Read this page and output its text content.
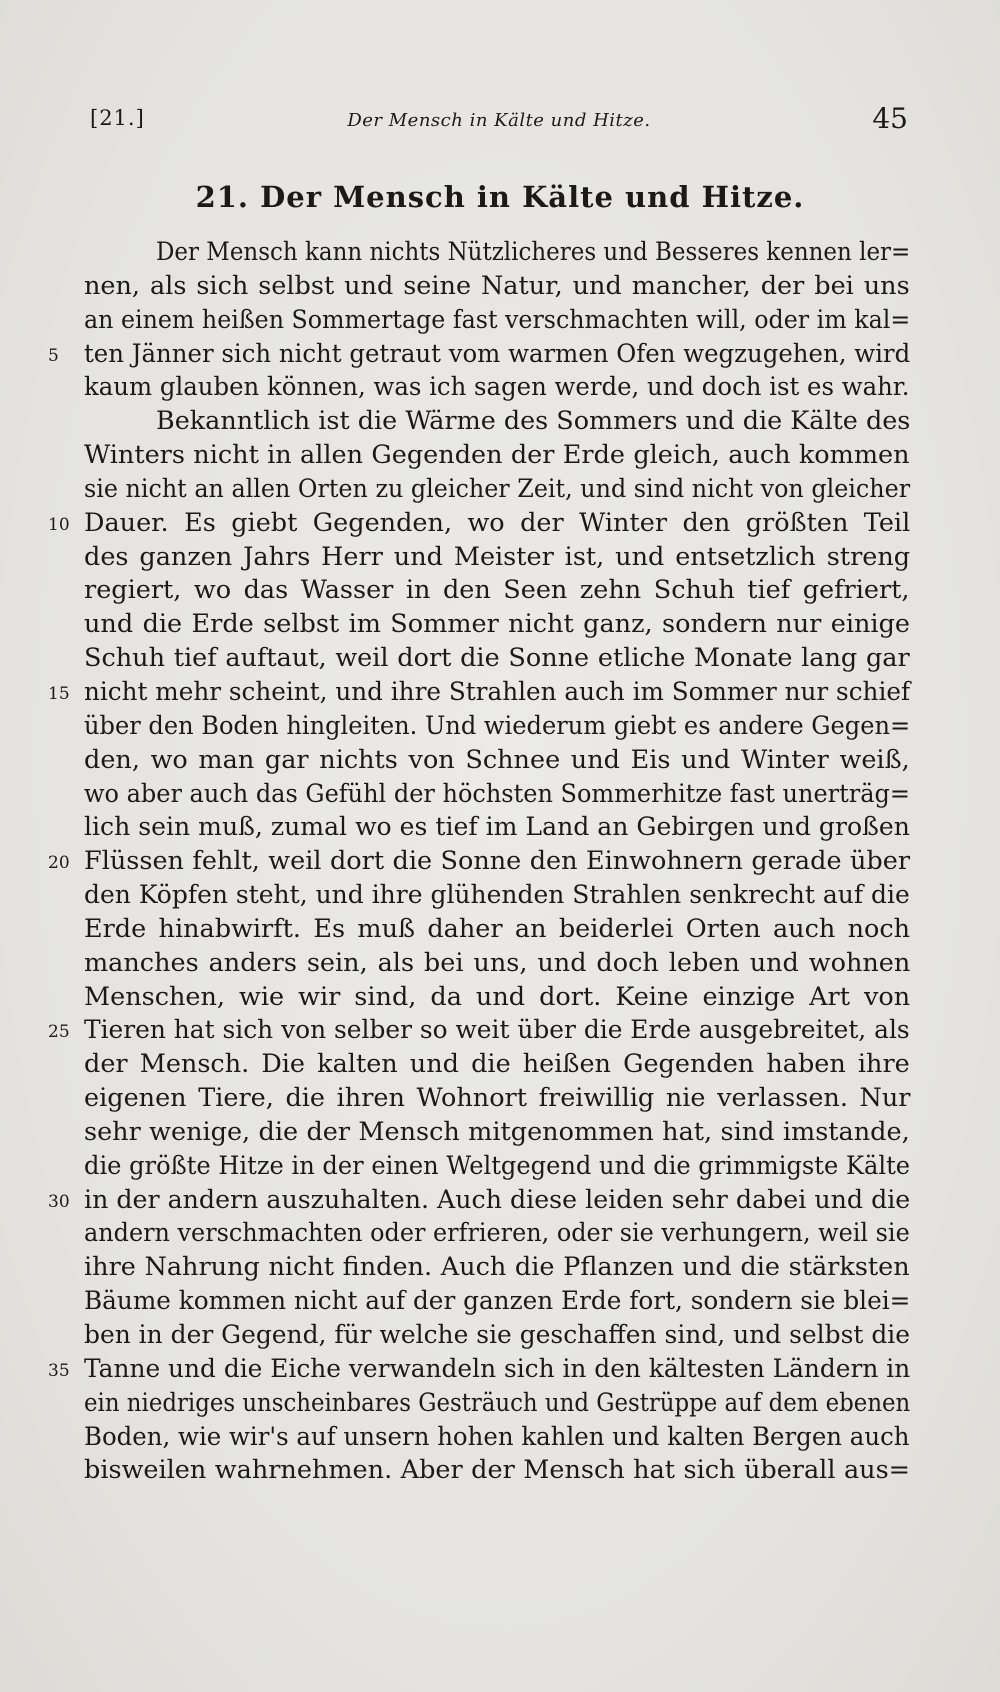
[21.]	Der Mensch in Kälte und Hitze.	45
21. Der Mensch in Kälte und Hitze.
Der Mensch kann nichts Nützlicheres und Besseres kennen ler=
nen, als sich selbst und seine Natur, und mancher, der bei uns
an einem heißen Sommertage fast verschmachten will, oder im kal=
5 ten Jänner sich nicht getraut vom warmen Ofen wegzugehen, wird
kaum glauben können, was ich sagen werde, und doch ist es wahr.
Bekanntlich ist die Wärme des Sommers und die Kälte des
Winters nicht in allen Gegenden der Erde gleich, auch kommen
sie nicht an allen Orten zu gleicher Zeit, und sind nicht von gleicher
10 Dauer. Es giebt Gegenden, wo der Winter den größten Teil
des ganzen Jahrs Herr und Meister ist, und entsetzlich streng
regiert, wo das Wasser in den Seen zehn Schuh tief gefriert,
und die Erde selbst im Sommer nicht ganz, sondern nur einige
Schuh tief auftaut, weil dort die Sonne etliche Monate lang gar
15 nicht mehr scheint, und ihre Strahlen auch im Sommer nur schief
über den Boden hingleiten. Und wiederum giebt es andere Gegen=
den, wo man gar nichts von Schnee und Eis und Winter weiß,
wo aber auch das Gefühl der höchsten Sommerhitze fast unerträg=
lich sein muß, zumal wo es tief im Land an Gebirgen und großen
20 Flüssen fehlt, weil dort die Sonne den Einwohnern gerade über
den Köpfen steht, und ihre glühenden Strahlen senkrecht auf die
Erde hinabwirft. Es muß daher an beiderlei Orten auch noch
manches anders sein, als bei uns, und doch leben und wohnen
Menschen, wie wir sind, da und dort. Keine einzige Art von
25 Tieren hat sich von selber so weit über die Erde ausgebreitet, als
der Mensch. Die kalten und die heißen Gegenden haben ihre
eigenen Tiere, die ihren Wohnort freiwillig nie verlassen. Nur
sehr wenige, die der Mensch mitgenommen hat, sind imstande,
die größte Hitze in der einen Weltgegend und die grimmigste Kälte
30 in der andern auszuhalten. Auch diese leiden sehr dabei und die
andern verschmachten oder erfrieren, oder sie verhungern, weil sie
ihre Nahrung nicht finden. Auch die Pflanzen und die stärksten
Bäume kommen nicht auf der ganzen Erde fort, sondern sie blei=
ben in der Gegend, für welche sie geschaffen sind, und selbst die
35 Tanne und die Eiche verwandeln sich in den kältesten Ländern in
ein niedriges unscheinbares Gesträuch und Gestrüppe auf dem ebenen
Boden, wie wir's auf unsern hohen kahlen und kalten Bergen auch
bisweilen wahrnehmen. Aber der Mensch hat sich überall aus=
